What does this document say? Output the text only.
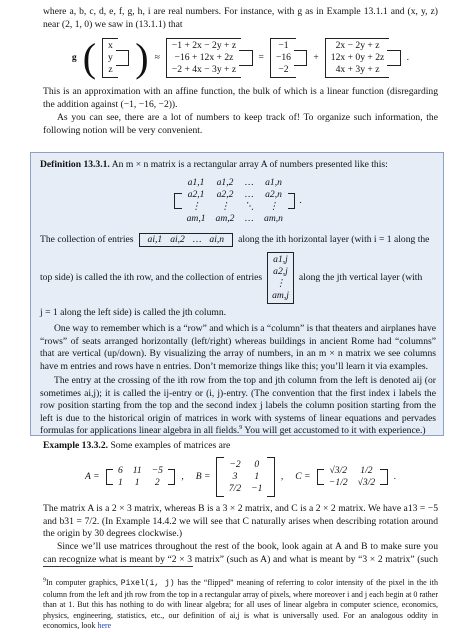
where a, b, c, d, e, f, g, h, i are real numbers. For instance, with g as in Example 13.1.1 and (x, y, z) near (2, 1, 0) we saw in (13.1.1) that

g ( x
y
z
) ≈
−1 + 2x − 2y + z
−16 + 12x + 2z
−2 + 4x − 3y + z

=
−1
−16
−2

+
2x − 2y + z
12x + 0y + 2z
4x + 3y + z

.

This is an approximation with an affine function, the bulk of which is a linear function (disregarding the addition against (−1, −16, −2)).

As you can see, there are a lot of numbers to keep track of! To organize such information, the following notion will be very convenient.

Definition 13.3.1. An m × n matrix is a rectangular array A of numbers presented like this:

a1,1	a1,2	…	a1,n
a2,1	a2,2	…	a2,n
⋮	⋮	⋱	⋮
am,1	am,2	…	am,n

.
The collection of entries	ai,1 ai,2 … ai,n	along the ith horizontal layer (with i = 1 along the
top side) is called the ith row, and the collection of entries
a1,j
a2,j
⋮
am,j
along the jth vertical layer (with

j = 1 along the left side) is called the jth column.

One way to remember which is a “row” and which is a “column” is that theaters and airplanes have “rows” of seats arranged horizontally (left/right) whereas buildings in ancient Rome had “columns” that are vertical (up/down). By visualizing the array of numbers, in an m × n matrix we see columns have m entries and rows have n entries. Don’t memorize things like this; you’ll learn it via examples.

The entry at the crossing of the ith row from the top and jth column from the left is denoted aij (or sometimes ai,j); it is called the ij-entry or (i, j)-entry. (The convention that the first index i labels the row position starting from the top and the second index j labels the column position starting from the left is due to the historical origin of matrices in work with systems of linear equations and pervades formulas for applications linear algebra in all fields.$^9$ You will get accustomed to it with experience.)

Example 13.3.2. Some examples of matrices are

A =

6	11	−5
1	1	2

, B =

−2	0
3	1
7/2	−1

, C =

√3/2	1/2
−1/2	√3/2

.

The matrix A is a 2 × 3 matrix, whereas B is a 3 × 2 matrix, and C is a 2 × 2 matrix. We have a13 = −5 and b31 = 7/2. (In Example 14.4.2 we will see that C naturally arises when describing rotation around the origin by 30 degrees clockwise.)

Since we’ll use matrices throughout the rest of the book, look again at A and B to make sure you can recognize what is meant by “2 × 3 matrix” (such as A) and what is meant by “3 × 2 matrix” (such

$^9$In computer graphics, Pixel(i, j) has the “flipped” meaning of referring to color intensity of the pixel in the ith column from the left and jth row from the top in a rectangular array of pixels, where moreover i and j each begin at 0 rather than at 1. But this has nothing to do with linear algebra; for all uses of linear algebra in computer science, economics, physics, engineering, statistics, etc., our definition of ai,j is what is universally used. For an analogous oddity in economics, look here
